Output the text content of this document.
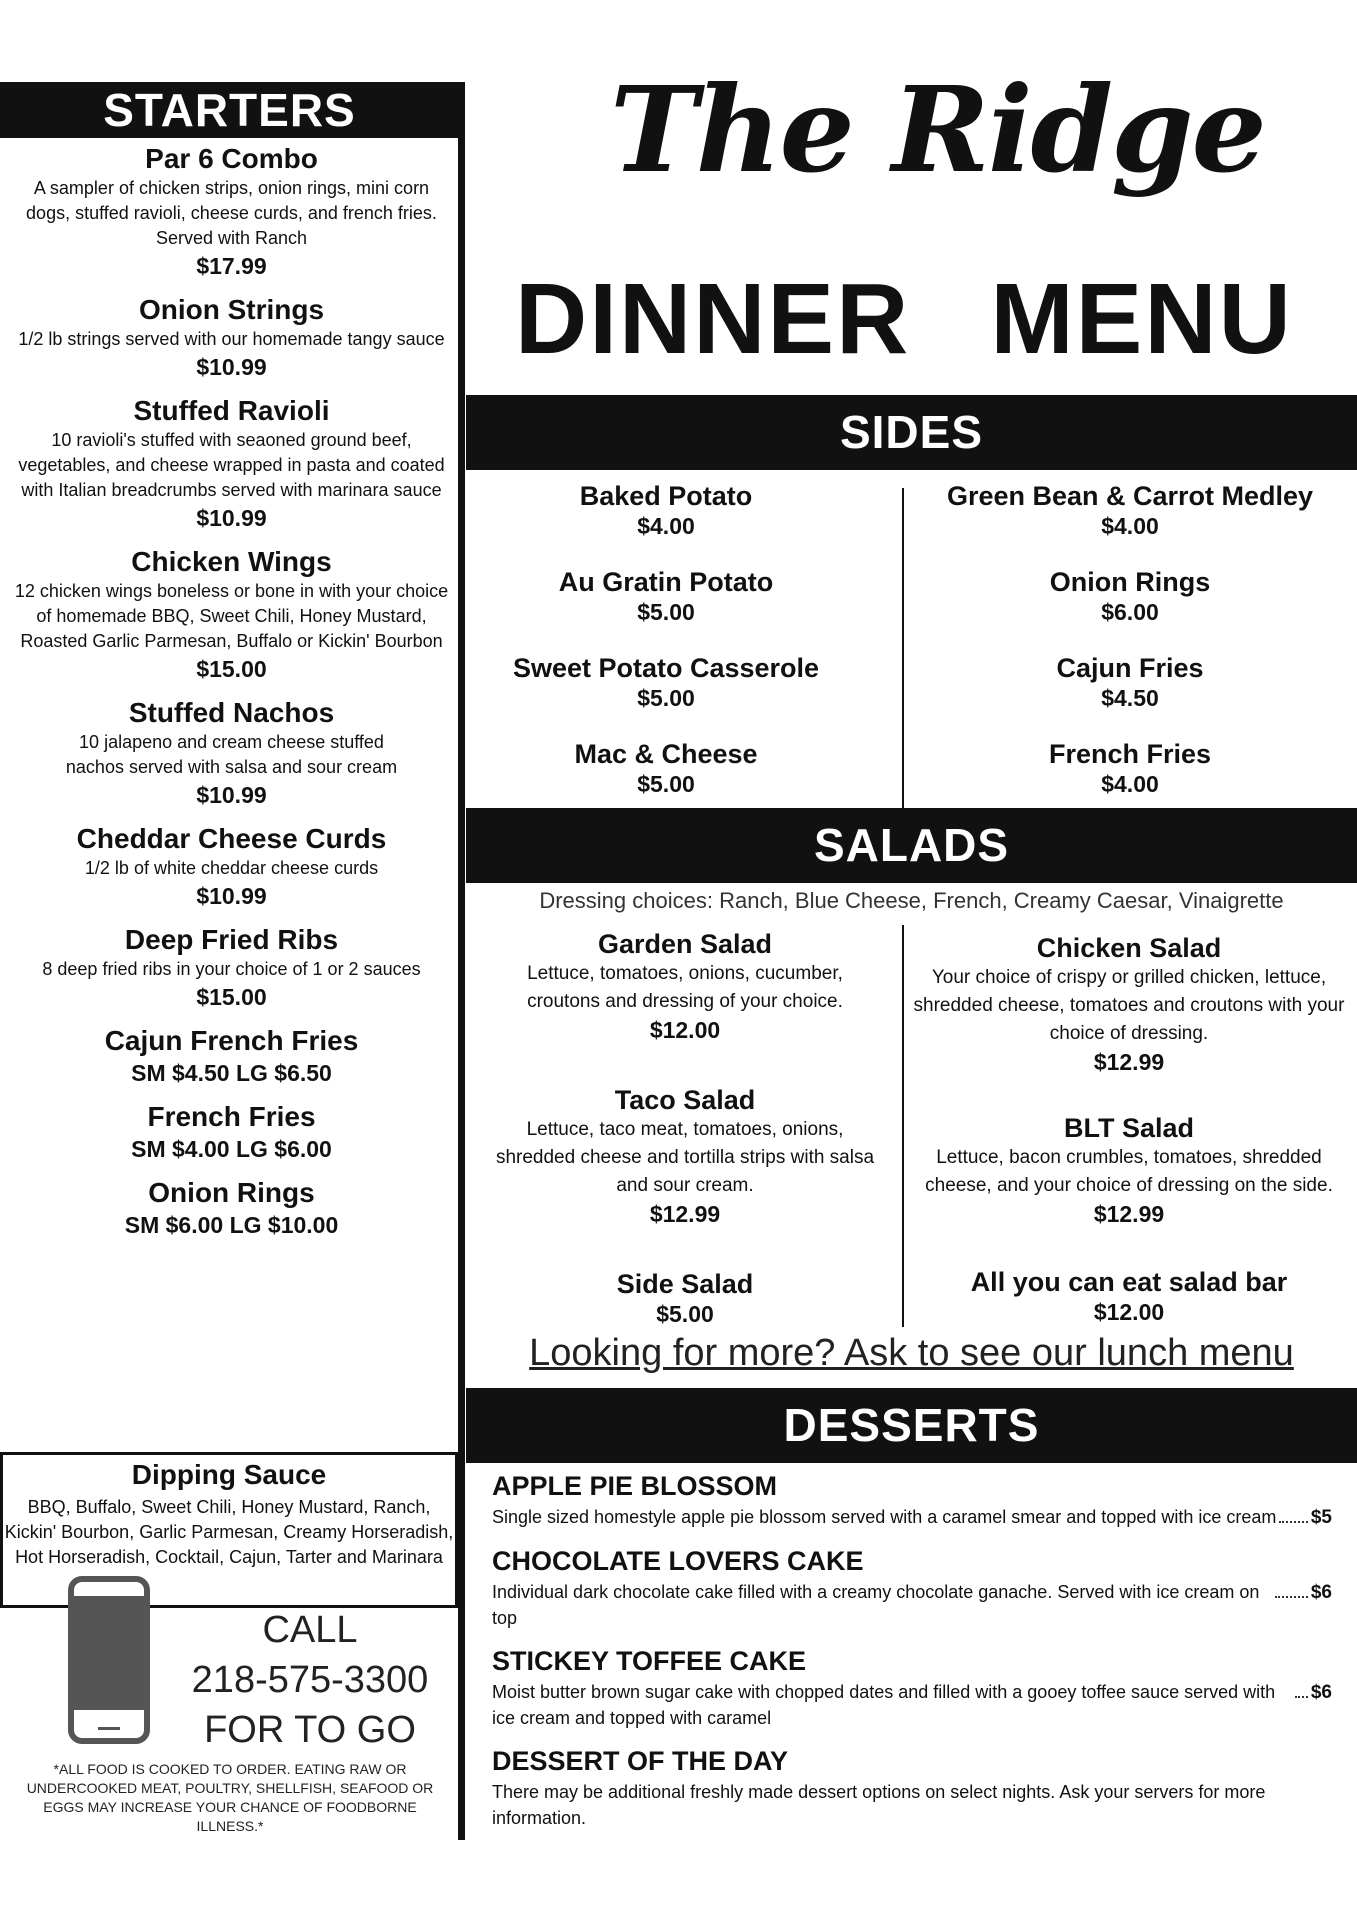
STARTERS
Par 6 Combo
A sampler of chicken strips, onion rings, mini corn dogs, stuffed ravioli, cheese curds, and french fries. Served with Ranch
$17.99
Onion Strings
1/2 lb strings served with our homemade tangy sauce
$10.99
Stuffed Ravioli
10 ravioli's stuffed with seaoned ground beef, vegetables, and cheese wrapped in pasta and coated with Italian breadcrumbs served with marinara sauce
$10.99
Chicken Wings
12 chicken wings boneless or bone in with your choice of homemade BBQ, Sweet Chili, Honey Mustard, Roasted Garlic Parmesan, Buffalo or Kickin' Bourbon
$15.00
Stuffed Nachos
10 jalapeno and cream cheese stuffed nachos served with salsa and sour cream
$10.99
Cheddar Cheese Curds
1/2 lb of white cheddar cheese curds
$10.99
Deep Fried Ribs
8 deep fried ribs in your choice of 1 or 2 sauces
$15.00
Cajun French Fries
SM $4.50 LG $6.50
French Fries
SM $4.00 LG $6.00
Onion Rings
SM $6.00 LG $10.00
Dipping Sauce
BBQ, Buffalo, Sweet Chili, Honey Mustard, Ranch, Kickin' Bourbon, Garlic Parmesan, Creamy Horseradish, Hot Horseradish, Cocktail, Cajun, Tarter and Marinara
CALL
218-575-3300
FOR TO GO
*ALL FOOD IS COOKED TO ORDER. EATING RAW OR UNDERCOOKED MEAT, POULTRY, SHELLFISH, SEAFOOD OR EGGS MAY INCREASE YOUR CHANCE OF FOODBORNE ILLNESS.*
The Ridge
DINNER MENU
SIDES
Baked Potato
$4.00
Au Gratin Potato
$5.00
Sweet Potato Casserole
$5.00
Mac & Cheese
$5.00
Green Bean & Carrot Medley
$4.00
Onion Rings
$6.00
Cajun Fries
$4.50
French Fries
$4.00
SALADS
Dressing choices: Ranch, Blue Cheese, French, Creamy Caesar, Vinaigrette
Garden Salad
Lettuce, tomatoes, onions, cucumber, croutons and dressing of your choice.
$12.00
Taco Salad
Lettuce, taco meat, tomatoes, onions, shredded cheese and tortilla strips with salsa and sour cream.
$12.99
Side Salad
$5.00
Chicken Salad
Your choice of crispy or grilled chicken, lettuce, shredded cheese, tomatoes and croutons with your choice of dressing.
$12.99
BLT Salad
Lettuce, bacon crumbles, tomatoes, shredded cheese, and your choice of dressing on the side.
$12.99
All you can eat salad bar
$12.00
Looking for more? Ask to see our lunch menu
DESSERTS
APPLE PIE BLOSSOM
Single sized homestyle apple pie blossom served with a caramel smear and topped with ice cream $5
CHOCOLATE LOVERS CAKE
Individual dark chocolate cake filled with a creamy chocolate ganache. Served with ice cream on top
$6
STICKEY TOFFEE CAKE
Moist butter brown sugar cake with chopped dates and filled with a gooey toffee sauce served with ice cream and topped with caramel
$6
DESSERT OF THE DAY
There may be additional freshly made dessert options on select nights. Ask your servers for more information.
